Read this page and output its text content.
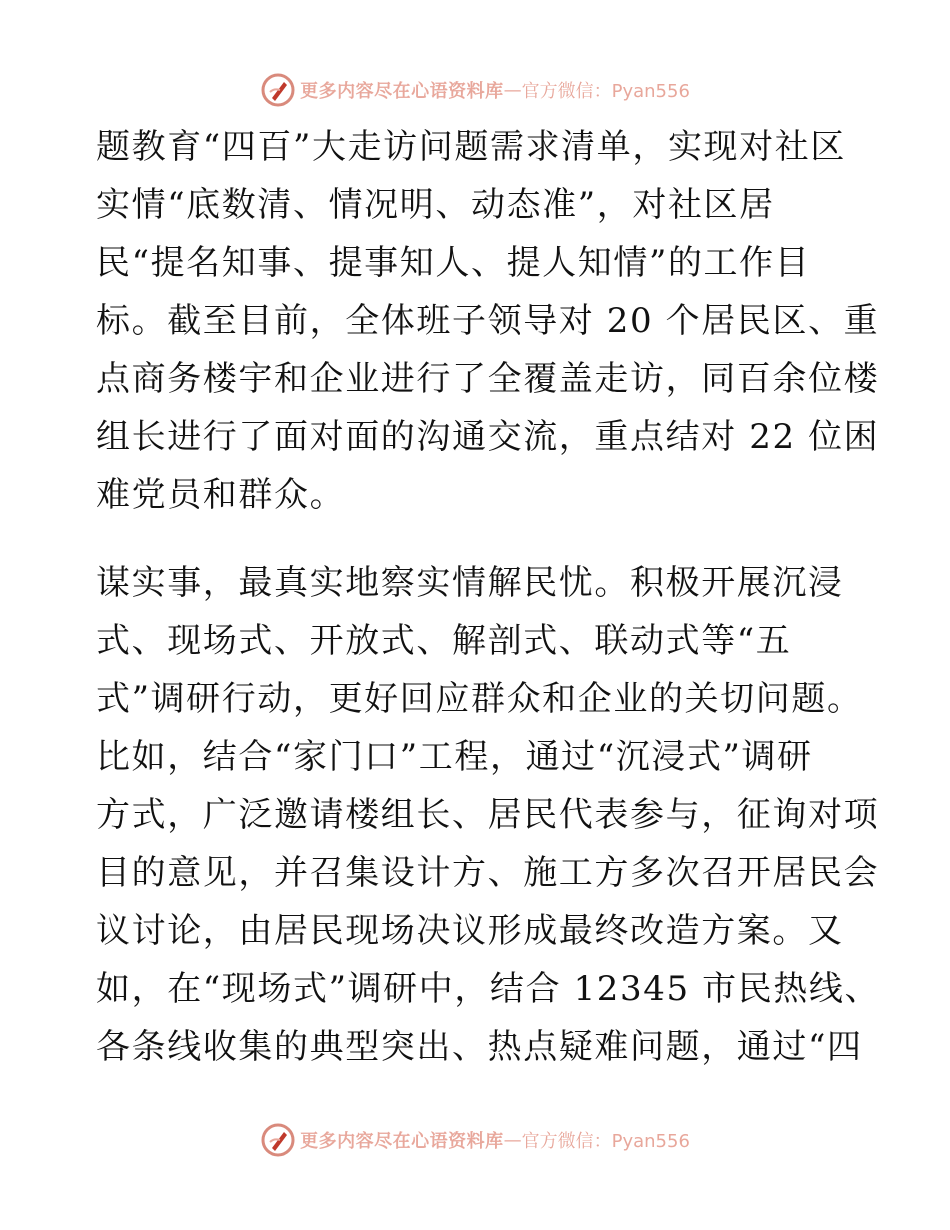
更多内容尽在心语资料库 — 官方微信：Pyan556
题教育“四百”大走访问题需求清单，实现对社区
实情“底数清、情况明、动态准”，对社区居
民“提名知事、提事知人、提人知情”的工作目
标。截至目前，全体班子领导对 20 个居民区、重
点商务楼宇和企业进行了全覆盖走访，同百余位楼
组长进行了面对面的沟通交流，重点结对 22 位困
难党员和群众。
谋实事，最真实地察实情解民忧。积极开展沉浸
式、现场式、开放式、解剖式、联动式等“五
式”调研行动，更好回应群众和企业的关切问题。
比如，结合“家门口”工程，通过“沉浸式”调研
方式，广泛邀请楼组长、居民代表参与，征询对项
目的意见，并召集设计方、施工方多次召开居民会
议讨论，由居民现场决议形成最终改造方案。又
如，在“现场式”调研中，结合 12345 市民热线、
各条线收集的典型突出、热点疑难问题，通过“四
更多内容尽在心语资料库 — 官方微信：Pyan556
